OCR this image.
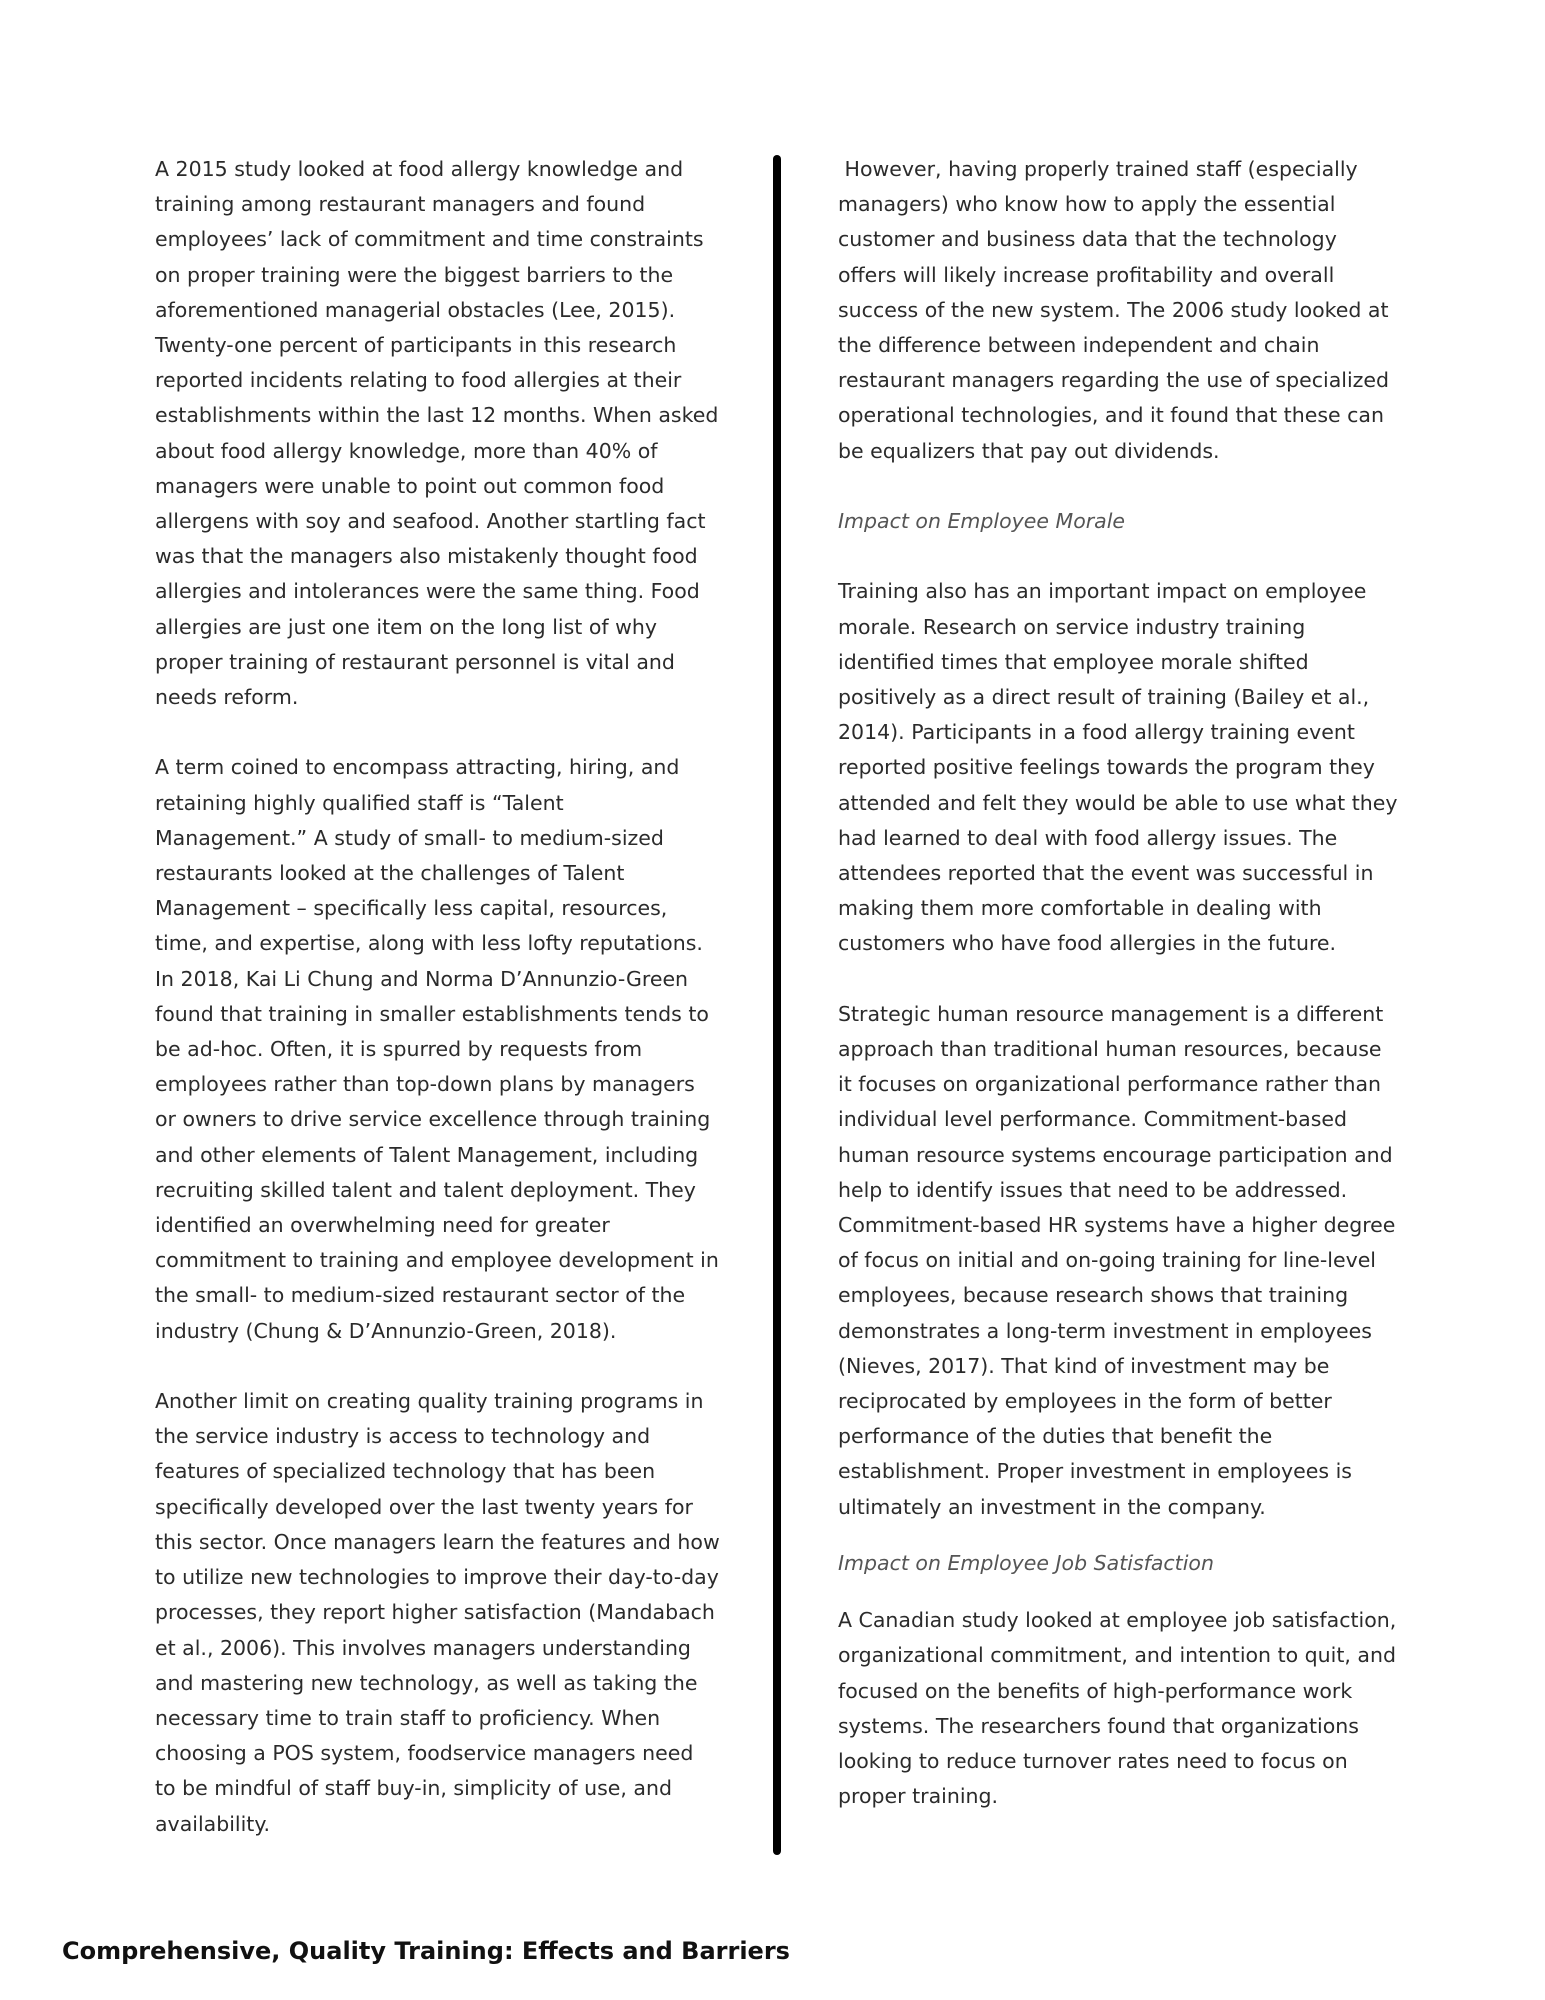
A 2015 study looked at food allergy knowledge and training among restaurant managers and found employees’ lack of commitment and time constraints on proper training were the biggest barriers to the aforementioned managerial obstacles (Lee, 2015). Twenty-one percent of participants in this research reported incidents relating to food allergies at their establishments within the last 12 months. When asked about food allergy knowledge, more than 40% of managers were unable to point out common food allergens with soy and seafood. Another startling fact was that the managers also mistakenly thought food allergies and intolerances were the same thing. Food allergies are just one item on the long list of why proper training of restaurant personnel is vital and needs reform.

A term coined to encompass attracting, hiring, and retaining highly qualified staff is “Talent Management.” A study of small- to medium-sized restaurants looked at the challenges of Talent Management – specifically less capital, resources, time, and expertise, along with less lofty reputations. In 2018, Kai Li Chung and Norma D’Annunzio-Green found that training in smaller establishments tends to be ad-hoc. Often, it is spurred by requests from employees rather than top-down plans by managers or owners to drive service excellence through training and other elements of Talent Management, including recruiting skilled talent and talent deployment. They identified an overwhelming need for greater commitment to training and employee development in the small- to medium-sized restaurant sector of the industry (Chung & D’Annunzio-Green, 2018).

Another limit on creating quality training programs in the service industry is access to technology and features of specialized technology that has been specifically developed over the last twenty years for this sector. Once managers learn the features and how to utilize new technologies to improve their day-to-day processes, they report higher satisfaction (Mandabach et al., 2006). This involves managers understanding and mastering new technology, as well as taking the necessary time to train staff to proficiency. When choosing a POS system, foodservice managers need to be mindful of staff buy-in, simplicity of use, and availability.

However, having properly trained staff (especially managers) who know how to apply the essential customer and business data that the technology offers will likely increase profitability and overall success of the new system. The 2006 study looked at the difference between independent and chain restaurant managers regarding the use of specialized operational technologies, and it found that these can be equalizers that pay out dividends.

Impact on Employee Morale

Training also has an important impact on employee morale. Research on service industry training identified times that employee morale shifted positively as a direct result of training (Bailey et al., 2014). Participants in a food allergy training event reported positive feelings towards the program they attended and felt they would be able to use what they had learned to deal with food allergy issues. The attendees reported that the event was successful in making them more comfortable in dealing with customers who have food allergies in the future.

Strategic human resource management is a different approach than traditional human resources, because it focuses on organizational performance rather than individual level performance. Commitment-based human resource systems encourage participation and help to identify issues that need to be addressed. Commitment-based HR systems have a higher degree of focus on initial and on-going training for line-level employees, because research shows that training demonstrates a long-term investment in employees (Nieves, 2017). That kind of investment may be reciprocated by employees in the form of better performance of the duties that benefit the establishment. Proper investment in employees is ultimately an investment in the company.

Impact on Employee Job Satisfaction

A Canadian study looked at employee job satisfaction, organizational commitment, and intention to quit, and focused on the benefits of high-performance work systems. The researchers found that organizations looking to reduce turnover rates need to focus on proper training.

Comprehensive, Quality Training: Effects and Barriers
